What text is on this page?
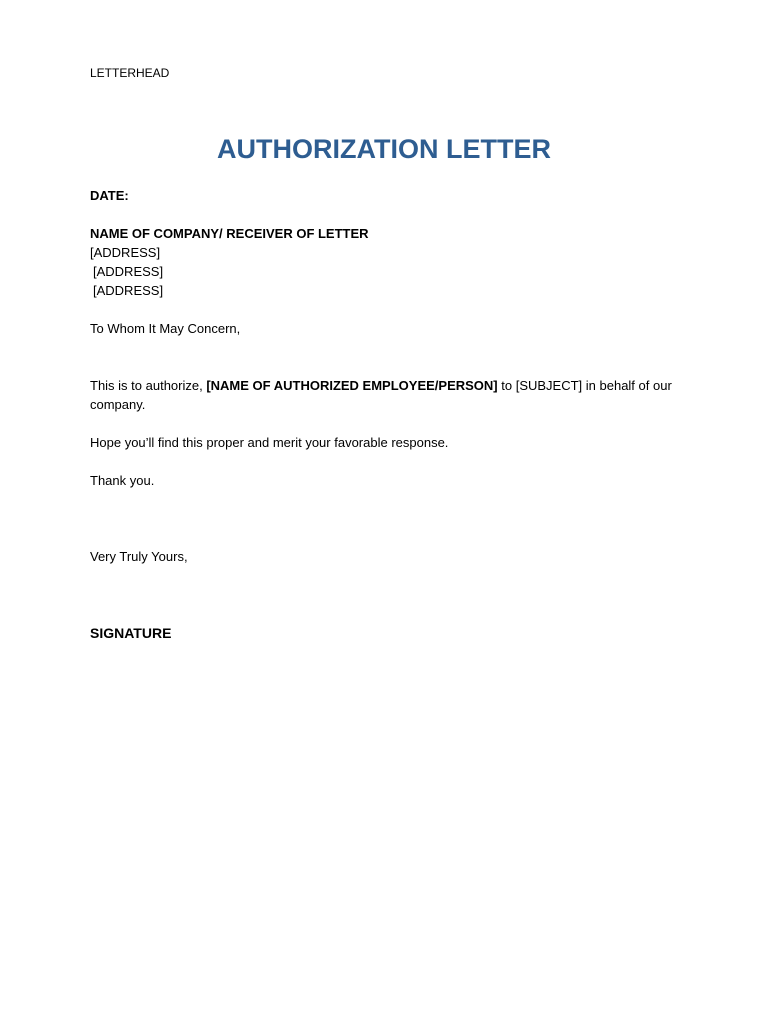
LETTERHEAD
AUTHORIZATION LETTER
DATE:
NAME OF COMPANY/ RECEIVER OF LETTER
[ADDRESS]
[ADDRESS]
[ADDRESS]
To Whom It May Concern,
This is to authorize, [NAME OF AUTHORIZED EMPLOYEE/PERSON] to [SUBJECT] in behalf of our
company.
Hope you’ll find this proper and merit your favorable response.
Thank you.
Very Truly Yours,
SIGNATURE
